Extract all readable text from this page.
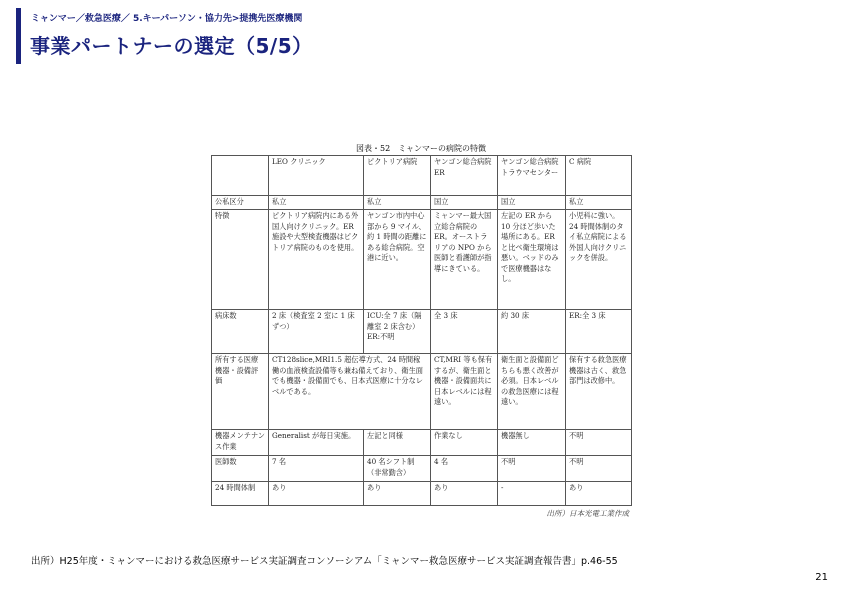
ミャンマー／救急医療／ 5.キーパーソン・協力先>提携先医療機関
事業パートナーの選定（5/5）
図表・52　ミャンマーの病院の特徴
	LEO クリニック	ピクトリア病院	ヤンゴン総合病院 ER	ヤンゴン総合病院 トラウマセンター	C 病院
公私区分	私立	私立	国立	国立	私立
特徴	ピクトリア病院内にある外国人向けクリニック。ER 施設や大型検査機器はピクトリア病院のものを使用。	ヤンゴン市内中心部から 9 マイル、約 1 時間の距離にある総合病院。空港に近い。	ミャンマー最大国立総合病院の ER。オーストラリアの NPO から医師と看護師が指導にきている。	左記の ER から 10 分ほど歩いた場所にある。ER と比べ衛生環境は悪い。ベッドのみで医療機器はなし。	小児科に強い。24 時間体制のタイ私立病院による外国人向けクリニックを併設。
病床数	2 床（検査室 2 室に 1 床ずつ）	ICU:全 7 床（隔離室 2 床含む）ER:不明	全 3 床	約 30 床	ER:全 3 床
所有する医療機器・設備評価	CT128slice,MRI1.5 超伝導方式、24 時間稼働の血液検査設備等も兼ね備えており、衛生面でも機器・設備面でも、日本式医療に十分なレベルである。		CT,MRI 等も保有するが、衛生面と機器・設備面共に日本レベルには程遠い。	衛生面と設備面どちらも悪く改善が必須。日本レベルの救急医療には程遠い。	保有する救急医療機器は古く、救急部門は改修中。
機器メンテナンス作業	Generalist が毎日実施。	左記と同様	作業なし	機器無し	不明
医師数	7 名	40 名シフト制（非常勤含）	4 名	不明	不明
24 時間体制	あり	あり	あり	-	あり
出所）日本光電工業作成
出所）H25年度・ミャンマーにおける救急医療サービス実証調査コンソーシアム「ミャンマー救急医療サービス実証調査報告書」p.46-55
21
